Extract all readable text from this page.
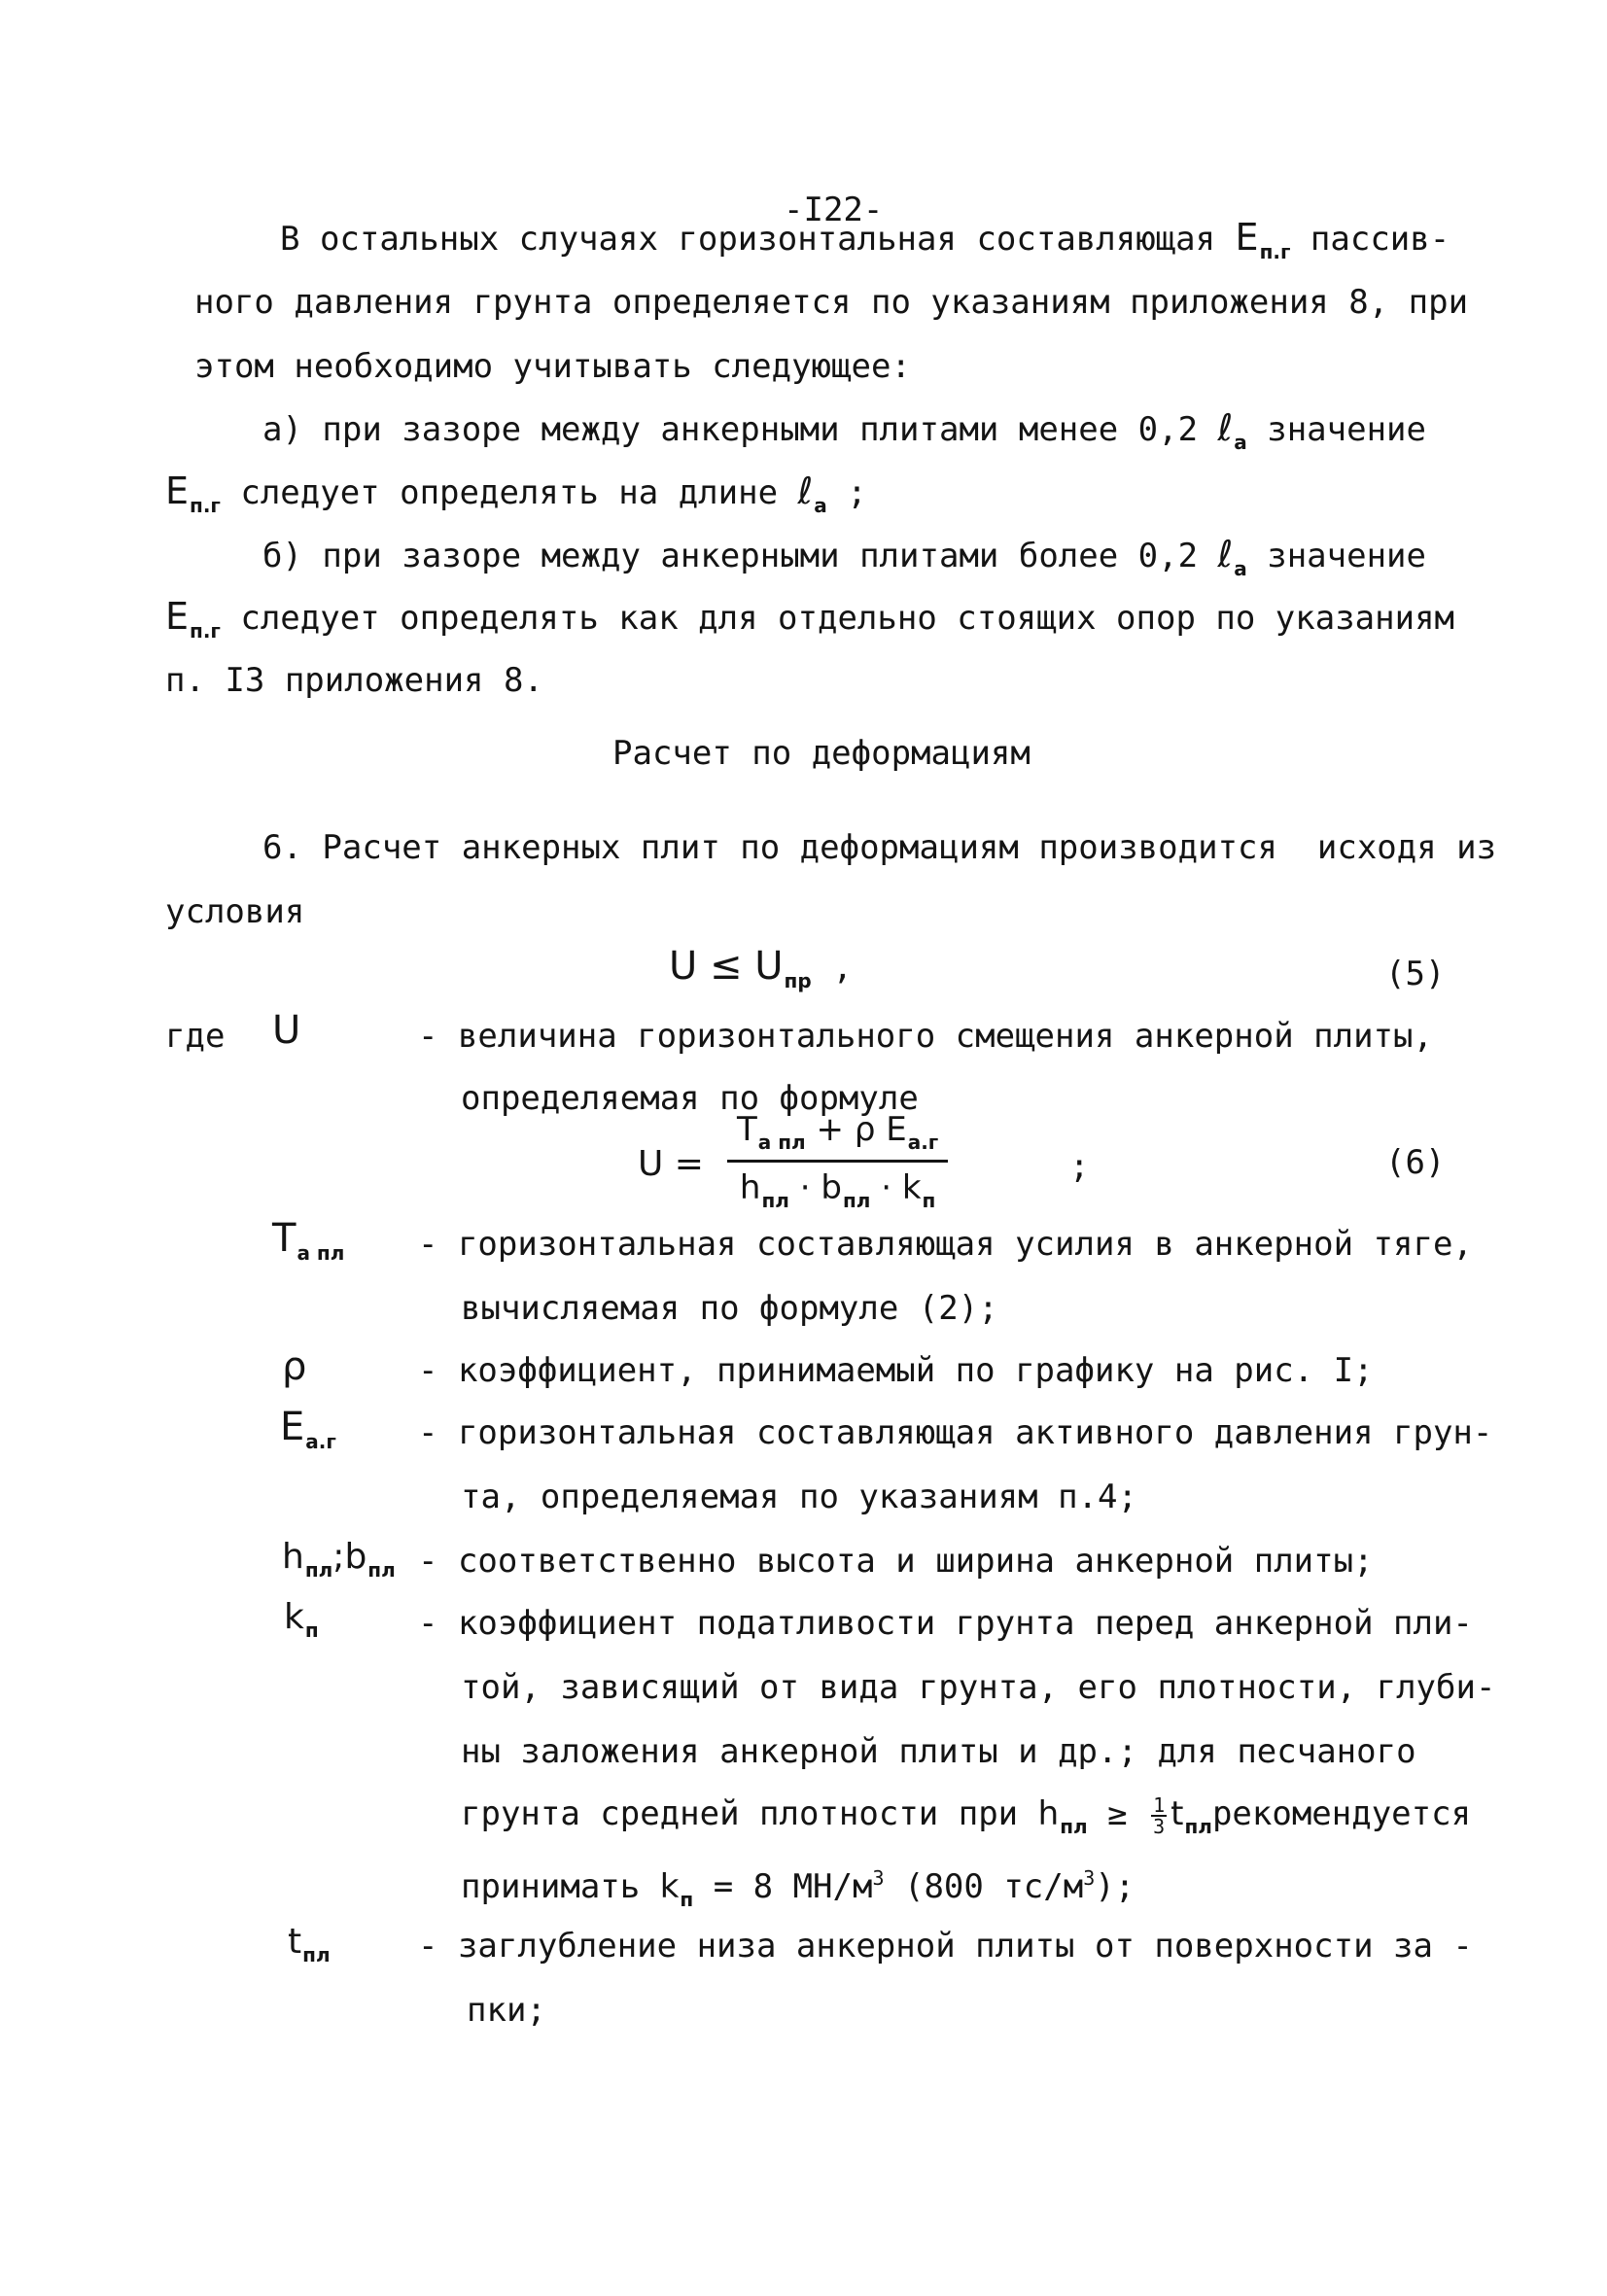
-I22-
В остальных случаях горизонтальная составляющая $E_{п.г}$ пассив-
ного давления грунта определяется по указаниям приложения 8, при
этом необходимо учитывать следующее:
а) при зазоре между анкерными плитами менее 0,2 ℓ$_а$ значение
$E_{п.г}$ следует определять на длине ℓ$_а$ ;
б) при зазоре между анкерными плитами более 0,2 ℓ$_а$ значение
$E_{п.г}$ следует определять как для отдельно стоящих опор по указаниям
п. I3 приложения 8.
Расчет по деформациям
6. Расчет анкерных плит по деформациям производится  исходя из
условия
$U \le U_{пр}$  ,	(5)
где U	- величина горизонтального смещения анкерной плиты,
определяемая по формуле
U =
$T_{а пл} + \rho$ $E_{а.г}$
$h_{пл} \cdot b_{пл} \cdot k_п$
;	(6)
$T_{а пл}$ - горизонтальная составляющая усилия в анкерной тяге,
вычисляемая по формуле (2);
ρ	- коэффициент, принимаемый по графику на рис. I;
$E_{а.г}$ - горизонтальная составляющая активного давления грун-
та, определяемая по указаниям п.4;
$h_{пл};b_{пл}$ - соответственно высота и ширина анкерной плиты;
$k_п$	- коэффициент податливости грунта перед анкерной пли-
той, зависящий от вида грунта, его плотности, глуби-
ны заложения анкерной плиты и др.; для песчаного
грунта средней плотности при $h_{пл} \ge \frac{1}{3}$ $t_{пл}рекомендуется$
принимать $k_п = 8$ $МН/м^3$ (800 $тс/м^3$);
$t_{пл}$	- заглубление низа анкерной плиты от поверхности за -
пки;
